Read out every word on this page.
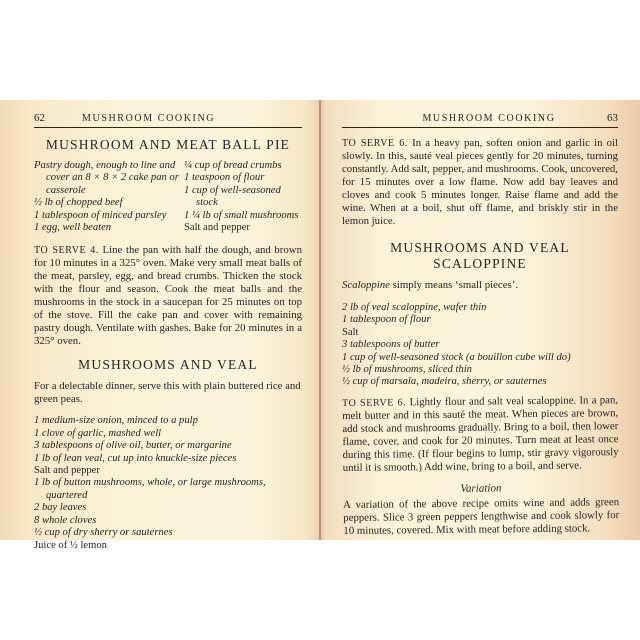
62	MUSHROOM COOKING
MUSHROOM AND MEAT BALL PIE
Pastry dough, enough to line and cover an 8 × 8 × 2 cake pan or casserole
½ lb of chopped beef
1 tablespoon of minced parsley
1 egg, well beaten
¼ cup of bread crumbs
1 teaspoon of flour
1 cup of well-seasoned stock
1 ¼ lb of small mushrooms
Salt and pepper

TO SERVE 4. Line the pan with half the dough, and brown for 10 minutes in a 325° oven. Make very small meat balls of the meat, parsley, egg, and bread crumbs. Thicken the stock with the flour and season. Cook the meat balls and the mushrooms in the stock in a saucepan for 25 minutes on top of the stove. Fill the cake pan and cover with remaining pastry dough. Ventilate with gashes. Bake for 20 minutes in a 325° oven.

MUSHROOMS AND VEAL

For a delectable dinner, serve this with plain buttered rice and green peas.

1 medium-size onion, minced to a pulp
1 clove of garlic, mashed well
3 tablespoons of olive oil, butter, or margarine
1 lb of lean veal, cut up into knuckle-size pieces
Salt and pepper
1 lb of button mushrooms, whole, or large mushrooms, quartered
2 bay leaves
8 whole cloves
½ cup of dry sherry or sauternes
Juice of ½ lemon
MUSHROOM COOKING	63

TO SERVE 6. In a heavy pan, soften onion and garlic in oil slowly. In this, sauté veal pieces gently for 20 minutes, turning constantly. Add salt, pepper, and mushrooms. Cook, uncovered, for 15 minutes over a low flame. Now add bay leaves and cloves and cook 5 minutes longer. Raise flame and add the wine. When at a boil, shut off flame, and briskly stir in the lemon juice.

MUSHROOMS AND VEAL SCALOPPINE

Scaloppine simply means ‘small pieces’.

2 lb of veal scaloppine, wafer thin
1 tablespoon of flour
Salt
3 tablespoons of butter
1 cup of well-seasoned stock (a bouillon cube will do)
½ lb of mushrooms, sliced thin
½ cup of marsala, madeira, sherry, or sauternes

TO SERVE 6. Lightly flour and salt veal scaloppine. In a pan, melt butter and in this sauté the meat. When pieces are brown, add stock and mushrooms gradually. Bring to a boil, then lower flame, cover, and cook for 20 minutes. Turn meat at least once during this time. (If flour begins to lump, stir gravy vigorously until it is smooth.) Add wine, bring to a boil, and serve.

Variation

A variation of the above recipe omits wine and adds green peppers. Slice 3 green peppers lengthwise and cook slowly for 10 minutes, covered. Mix with meat before adding stock.
